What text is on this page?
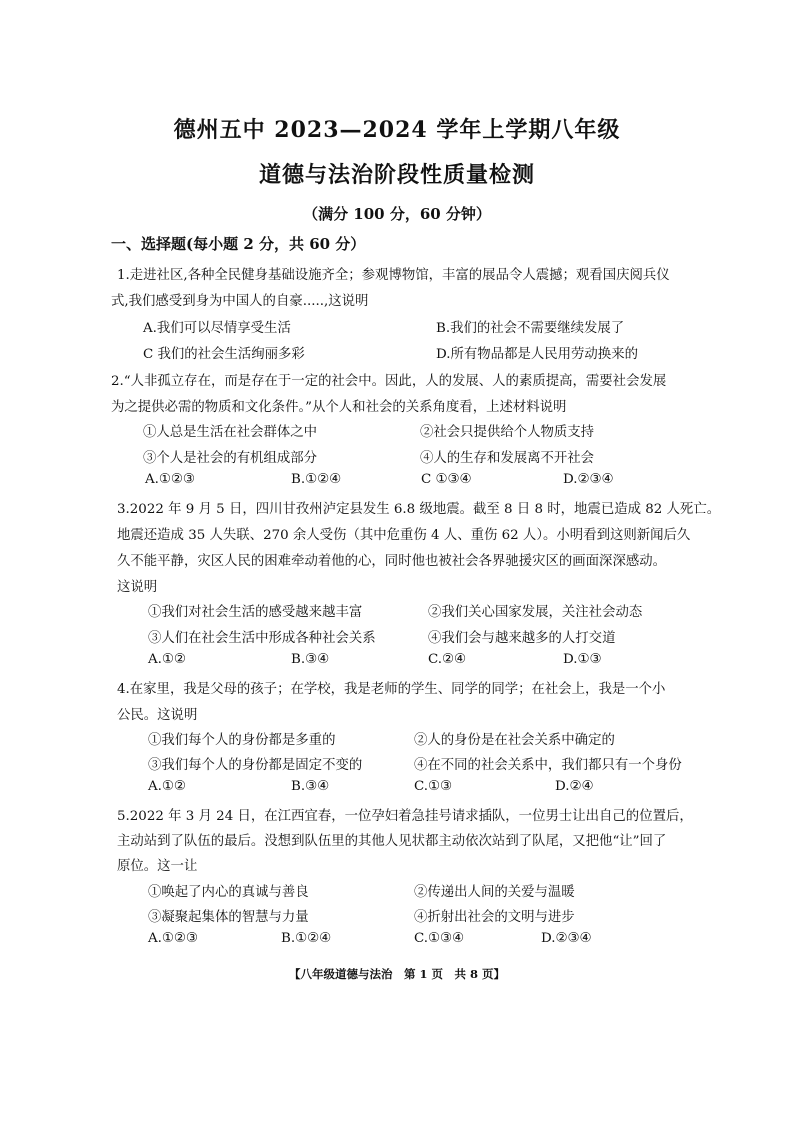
德州五中 2023—2024 学年上学期八年级
道德与法治阶段性质量检测
（满分 100 分，60 分钟）
一、选择题(每小题 2 分，共 60 分）
1.走进社区,各种全民健身基础设施齐全；参观博物馆，丰富的展品令人震撼；观看国庆阅兵仪
式,我们感受到身为中国人的自豪.....,这说明
A.我们可以尽情享受生活	B.我们的社会不需要继续发展了
C 我们的社会生活绚丽多彩	D.所有物品都是人民用劳动换来的
2.“人非孤立存在，而是存在于一定的社会中。因此，人的发展、人的素质提高，需要社会发展
为之提供必需的物质和文化条件。”从个人和社会的关系角度看，上述材料说明
①人总是生活在社会群体之中	②社会只提供给个人物质支持
③个人是社会的有机组成部分	④人的生存和发展离不开社会
A.①②③	B.①②④	C ①③④	D.②③④
3.2022 年 9 月 5 日，四川甘孜州泸定县发生 6.8 级地震。截至 8 日 8 时，地震已造成 82 人死亡。
地震还造成 35 人失联、270 余人受伤（其中危重伤 4 人、重伤 62 人）。小明看到这则新闻后久
久不能平静，灾区人民的困难牵动着他的心，同时他也被社会各界驰援灾区的画面深深感动。
这说明
①我们对社会生活的感受越来越丰富	②我们关心国家发展，关注社会动态
③人们在社会生活中形成各种社会关系	④我们会与越来越多的人打交道
A.①②	B.③④	C.②④	D.①③
4.在家里，我是父母的孩子；在学校，我是老师的学生、同学的同学；在社会上，我是一个小
公民。这说明
①我们每个人的身份都是多重的	②人的身份是在社会关系中确定的
③我们每个人的身份都是固定不变的	④在不同的社会关系中，我们都只有一个身份
A.①②	B.③④	C.①③	D.②④
5.2022 年 3 月 24 日，在江西宜春，一位孕妇着急挂号请求插队，一位男士让出自己的位置后，
主动站到了队伍的最后。没想到队伍里的其他人见状都主动依次站到了队尾，又把他“让”回了
原位。这一让
①唤起了内心的真诚与善良	②传递出人间的关爱与温暖
③凝聚起集体的智慧与力量	④折射出社会的文明与进步
A.①②③	B.①②④	C.①③④	D.②③④
【八年级道德与法治　第 1 页　共 8 页】
